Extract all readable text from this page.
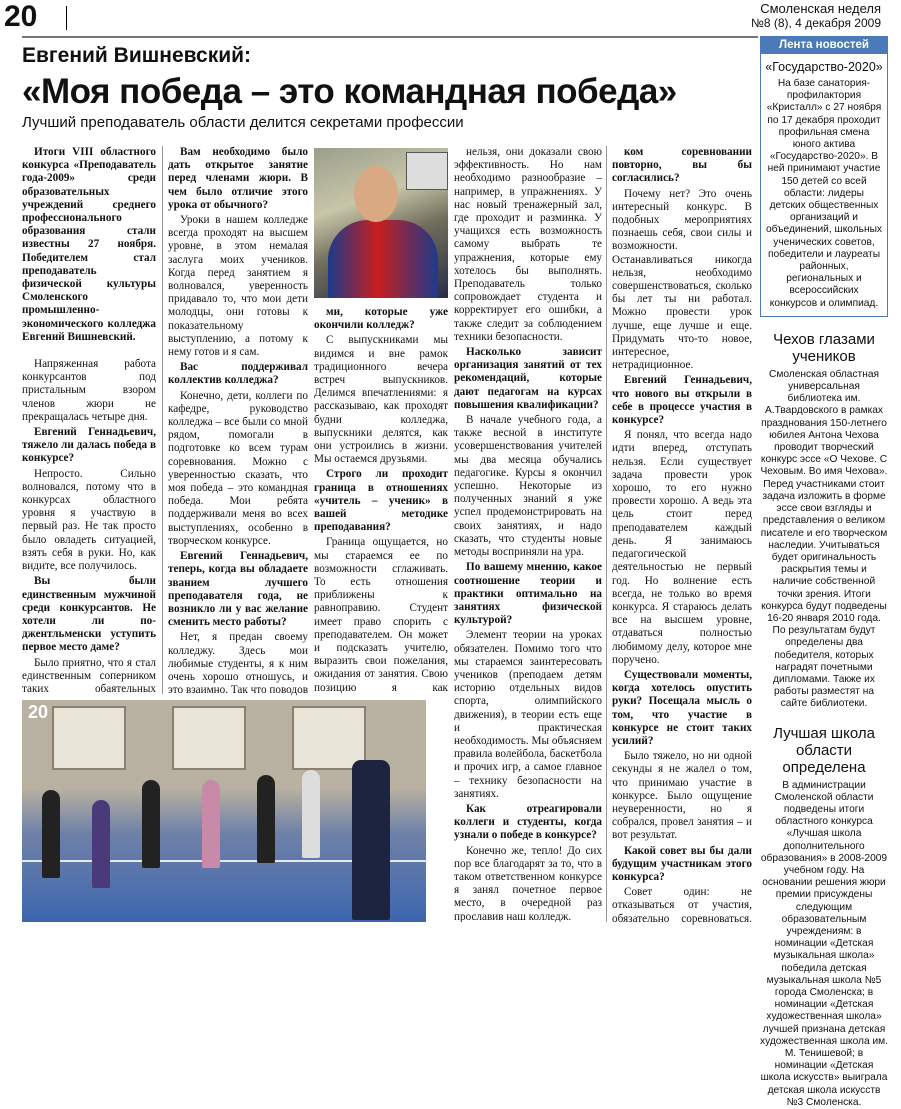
20	Смоленская неделя
№8 (8), 4 декабря 2009
Евгений Вишневский:
«Моя победа – это командная победа»
Лучший преподаватель области делится секретами профессии

Итоги VIII областного конкурса «Преподаватель года-2009» среди образовательных учреждений среднего профессионального образования стали известны 27 ноября. Победителем стал преподаватель физической культуры Смоленского промышленно-экономического колледжа Евгений Вишневский.

Напряженная работа конкурсантов под пристальным взором членов жюри не прекращалась четыре дня.

Евгений Геннадьевич, тяжело ли далась победа в конкурсе?

Непросто. Сильно волновался, потому что в конкурсах областного уровня я участвую в первый раз. Не так просто было овладеть ситуацией, взять себя в руки. Но, как видите, все получилось.

Вы были единственным мужчиной среди конкурсантов. Не хотели ли по-джентльменски уступить первое место даме?

Было приятно, что я стал единственным соперником таких обаятельных

Вам необходимо было дать открытое занятие перед членами жюри. В чем было отличие этого урока от обычного?

Уроки в нашем колледже всегда проходят на высшем уровне, в этом немалая заслуга моих учеников. Когда перед занятием я волновался, уверенность придавало то, что мои дети молодцы, они готовы к показательному выступлению, а потому к нему готов и я сам.

Вас поддерживал коллектив колледжа?

Конечно, дети, коллеги по кафедре, руководство колледжа – все были со мной рядом, помогали в подготовке ко всем турам соревнования. Можно с уверенностью сказать, что моя победа – это командная победа. Мои ребята поддерживали меня во всех выступлениях, особенно в творческом конкурсе.

Евгений Геннадьевич, теперь, когда вы обладаете званием лучшего преподавателя года, не возникло ли у вас желание сменить место работы?

Нет, я предан своему колледжу. Здесь мои любимые студенты, я к ним очень хорошо отношусь, и это взаимно. Так что поводов

ми, которые уже окончили колледж?

С выпускниками мы видимся и вне рамок традиционного вечера встреч выпускников. Делимся впечатлениями: я рассказываю, как проходят будни колледжа, выпускники делятся, как они устроились в жизни. Мы остаемся друзьями.

Строго ли проходит граница в отношениях «учитель – ученик» в вашей методике преподавания?

Граница ощущается, но мы стараемся ее по возможности сглаживать. То есть отношения приближены к равноправию. Студент имеет право спорить с преподавателем. Он может и подсказать учителю, выразить свои пожелания, ожидания от занятия. Свою позицию я как

нельзя, они доказали свою эффективность. Но нам необходимо разнообразие – например, в упражнениях. У нас новый тренажерный зал, где проходит и разминка. У учащихся есть возможность самому выбрать те упражнения, которые ему хотелось бы выполнять. Преподаватель только сопровождает студента и корректирует его ошибки, а также следит за соблюдением техники безопасности.

Насколько зависит организация занятий от тех рекомендаций, которые дают педагогам на курсах повышения квалификации?

В начале учебного года, а также весной в институте усовершенствования учителей мы два месяца обучались педагогике. Курсы я окончил успешно. Некоторые из полученных знаний я уже успел продемонстрировать на своих занятиях, и надо сказать, что студенты новые методы восприняли на ура.

По вашему мнению, какое соотношение теории и практики оптимально на занятиях физической культурой?

Элемент теории на уроках обязателен. Помимо того что мы стараемся заинтересовать учеников (преподаем детям историю отдельных видов спорта, олимпийского движения), в теории есть еще и практическая необходимость. Мы объясняем правила волейбола, баскетбола и прочих игр, а самое главное – технику безопасности на занятиях.

Как отреагировали коллеги и студенты, когда узнали о победе в конкурсе?

Конечно же, тепло! До сих пор все благодарят за то, что в таком ответственном конкурсе я занял почетное первое место, в очередной раз прославив наш колледж.

ком соревновании повторно, вы бы согласились?

Почему нет? Это очень интересный конкурс. В подобных мероприятиях познаешь себя, свои силы и возможности. Останавливаться никогда нельзя, необходимо совершенствоваться, сколько бы лет ты ни работал. Можно провести урок лучше, еще лучше и еще. Придумать что-то новое, интересное, нетрадиционное.

Евгений Геннадьевич, что нового вы открыли в себе в процессе участия в конкурсе?

Я понял, что всегда надо идти вперед, отступать нельзя. Если существует задача провести урок хорошо, то его нужно провести хорошо. А ведь эта цель стоит перед преподавателем каждый день. Я занимаюсь педагогической деятельностью не первый год. Но волнение есть всегда, не только во время конкурса. Я стараюсь делать все на высшем уровне, отдаваться полностью любимому делу, которое мне поручено.

Существовали моменты, когда хотелось опустить руки? Посещала мысль о том, что участие в конкурсе не стоит таких усилий?

Было тяжело, но ни одной секунды я не жалел о том, что принимаю участие в конкурсе. Было ощущение неуверенности, но я собрался, провел занятия – и вот результат.

Какой совет вы бы дали будущим участникам этого конкурса?

Совет один: не отказываться от участия, обязательно соревноваться.

20
Лента новостей
«Государство-2020»

На базе санатория-профилактория «Кристалл» с 27 ноября по 17 декабря проходит профильная смена юного актива «Государство-2020». В ней принимают участие 150 детей со всей области: лидеры детских общественных организаций и объединений, школьных ученических советов, победители и лауреаты районных, региональных и всероссийских конкурсов и олимпиад.

Чехов глазами учеников

Смоленская областная универсальная библиотека им. А.Твардовского в рамках празднования 150-летнего юбилея Антона Чехова проводит творческий конкурс эссе «О Чехове. С Чеховым. Во имя Чехова». Перед участниками стоит задача изложить в форме эссе свои взгляды и представления о великом писателе и его творческом наследии. Учитываться будет оригинальность раскрытия темы и наличие собственной точки зрения. Итоги конкурса будут подведены 16-20 января 2010 года. По результатам будут определены два победителя, которых наградят почетными дипломами. Также их работы разместят на сайте библиотеки.

Лучшая школа области определена

В администрации Смоленской области подведены итоги областного конкурса «Лучшая школа дополнительного образования» в 2008-2009 учебном году. На основании решения жюри премии присуждены следующим образовательным учреждениям: в номинации «Детская музыкальная школа» победила детская музыкальная школа №5 города Смоленска; в номинации «Детская художественная школа» лучшей признана детская художественная школа им. М. Тенишевой; в номинации «Детская школа искусств» выиграла детская школа искусств №3 Смоленска.
